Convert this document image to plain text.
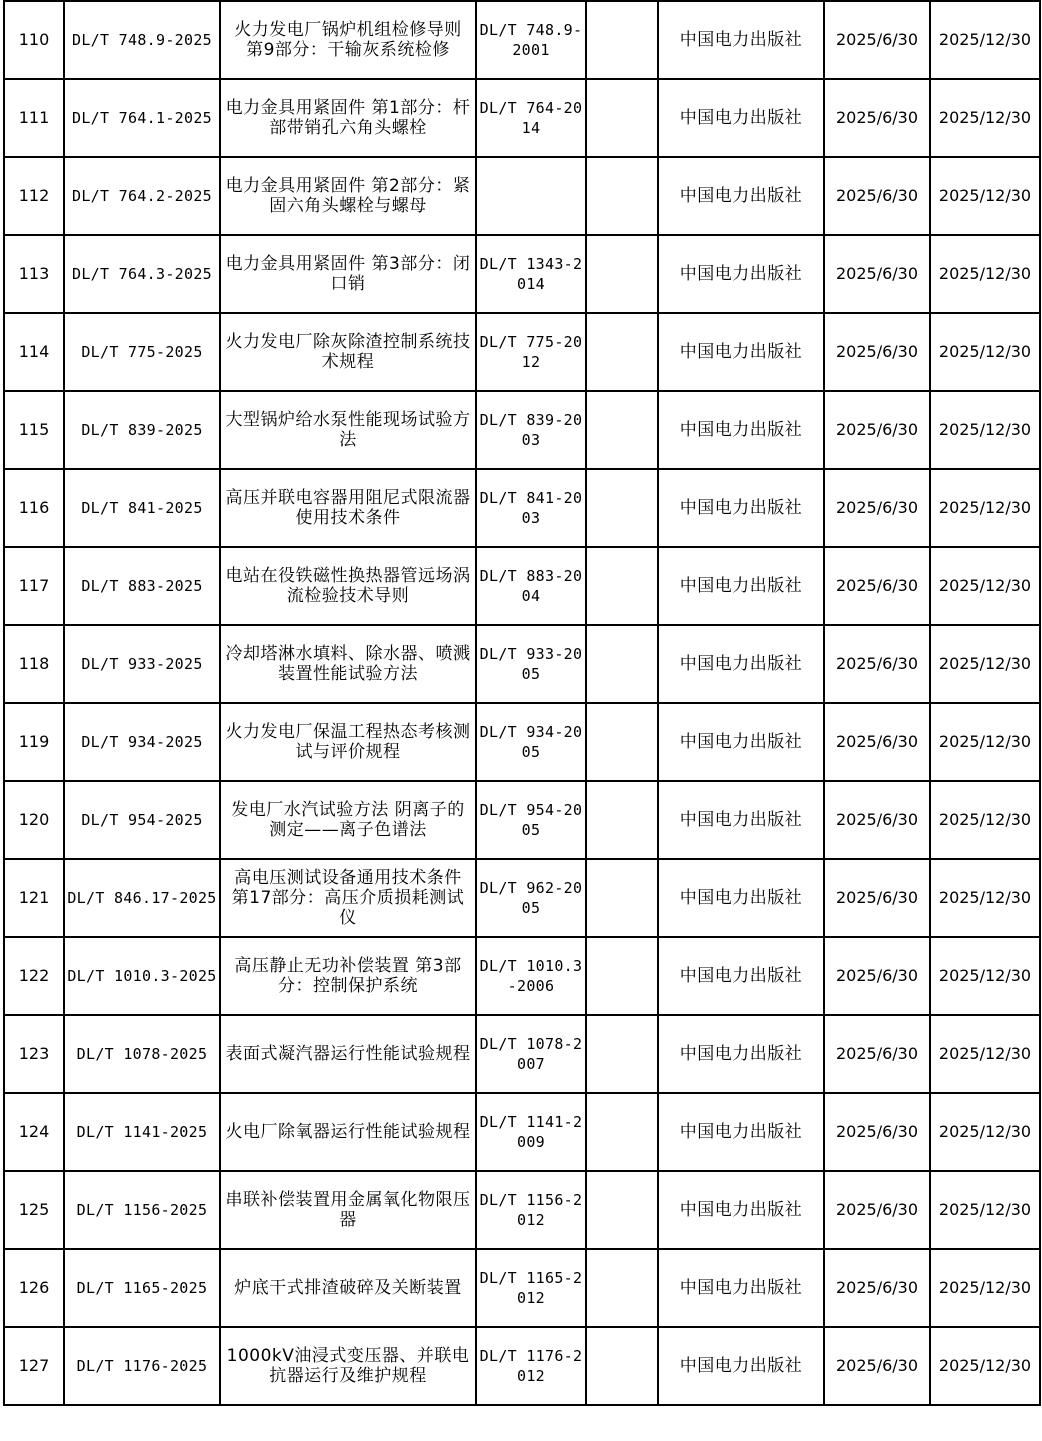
110	DL/T 748.9-2025	火力发电厂锅炉机组检修导则 第9部分：干输灰系统检修	DL/T 748.9-2001		中国电力出版社	2025/6/30	2025/12/30
111	DL/T 764.1-2025	电力金具用紧固件 第1部分：杆部带销孔六角头螺栓	DL/T 764-2014		中国电力出版社	2025/6/30	2025/12/30
112	DL/T 764.2-2025	电力金具用紧固件 第2部分：紧固六角头螺栓与螺母			中国电力出版社	2025/6/30	2025/12/30
113	DL/T 764.3-2025	电力金具用紧固件 第3部分：闭口销	DL/T 1343-2014		中国电力出版社	2025/6/30	2025/12/30
114	DL/T 775-2025	火力发电厂除灰除渣控制系统技术规程	DL/T 775-2012		中国电力出版社	2025/6/30	2025/12/30
115	DL/T 839-2025	大型锅炉给水泵性能现场试验方法	DL/T 839-2003		中国电力出版社	2025/6/30	2025/12/30
116	DL/T 841-2025	高压并联电容器用阻尼式限流器使用技术条件	DL/T 841-2003		中国电力出版社	2025/6/30	2025/12/30
117	DL/T 883-2025	电站在役铁磁性换热器管远场涡流检验技术导则	DL/T 883-2004		中国电力出版社	2025/6/30	2025/12/30
118	DL/T 933-2025	冷却塔淋水填料、除水器、喷溅装置性能试验方法	DL/T 933-2005		中国电力出版社	2025/6/30	2025/12/30
119	DL/T 934-2025	火力发电厂保温工程热态考核测试与评价规程	DL/T 934-2005		中国电力出版社	2025/6/30	2025/12/30
120	DL/T 954-2025	发电厂水汽试验方法 阴离子的测定——离子色谱法	DL/T 954-2005		中国电力出版社	2025/6/30	2025/12/30
121	DL/T 846.17-2025	高电压测试设备通用技术条件 第17部分：高压介质损耗测试仪	DL/T 962-2005		中国电力出版社	2025/6/30	2025/12/30
122	DL/T 1010.3-2025	高压静止无功补偿装置 第3部分：控制保护系统	DL/T 1010.3-2006		中国电力出版社	2025/6/30	2025/12/30
123	DL/T 1078-2025	表面式凝汽器运行性能试验规程	DL/T 1078-2007		中国电力出版社	2025/6/30	2025/12/30
124	DL/T 1141-2025	火电厂除氧器运行性能试验规程	DL/T 1141-2009		中国电力出版社	2025/6/30	2025/12/30
125	DL/T 1156-2025	串联补偿装置用金属氧化物限压器	DL/T 1156-2012		中国电力出版社	2025/6/30	2025/12/30
126	DL/T 1165-2025	炉底干式排渣破碎及关断装置	DL/T 1165-2012		中国电力出版社	2025/6/30	2025/12/30
127	DL/T 1176-2025	1000kV油浸式变压器、并联电抗器运行及维护规程	DL/T 1176-2012		中国电力出版社	2025/6/30	2025/12/30
